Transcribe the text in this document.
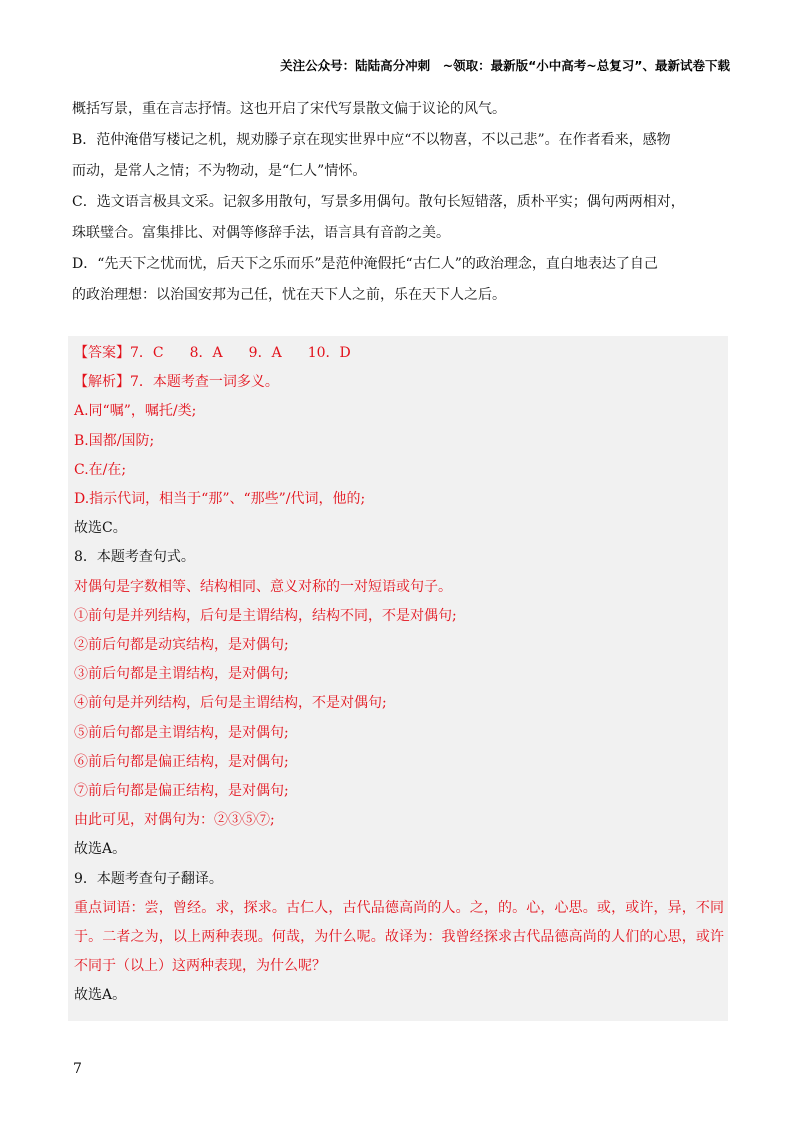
关注公众号：陆陆高分冲刺　~领取：最新版“小中高考~总复习”、最新试卷下载

概括写景，重在言志抒情。这也开启了宋代写景散文偏于议论的风气。

B．范仲淹借写楼记之机，规劝滕子京在现实世界中应“不以物喜，不以己悲”。在作者看来，感物

而动，是常人之情；不为物动，是“仁人”情怀。

C．选文语言极具文采。记叙多用散句，写景多用偶句。散句长短错落，质朴平实；偶句两两相对，

珠联璧合。富集排比、对偶等修辞手法，语言具有音韵之美。

D．“先天下之忧而忧，后天下之乐而乐”是范仲淹假托“古仁人”的政治理念，直白地表达了自己

的政治理想：以治国安邦为己任，忧在天下人之前，乐在天下人之后。

【答案】7．C 8．A 9．A 10．D

【解析】7．本题考查一词多义。

A.同“嘱”，嘱托/类;

B.国都/国防;

C.在/在;

D.指示代词，相当于“那”、“那些”/代词，他的;

故选C。

8．本题考查句式。

对偶句是字数相等、结构相同、意义对称的一对短语或句子。

①前句是并列结构，后句是主谓结构，结构不同，不是对偶句;

②前后句都是动宾结构，是对偶句;

③前后句都是主谓结构，是对偶句;

④前句是并列结构，后句是主谓结构，不是对偶句;

⑤前后句都是主谓结构，是对偶句;

⑥前后句都是偏正结构，是对偶句;

⑦前后句都是偏正结构，是对偶句;

由此可见，对偶句为：②③⑤⑦;

故选A。

9．本题考查句子翻译。

重点词语：尝，曾经。求，探求。古仁人，古代品德高尚的人。之，的。心，心思。或，或许，异，不同于。二者之为，以上两种表现。何哉，为什么呢。故译为：我曾经探求古代品德高尚的人们的心思，或许不同于（以上）这两种表现，为什么呢？

故选A。

7
